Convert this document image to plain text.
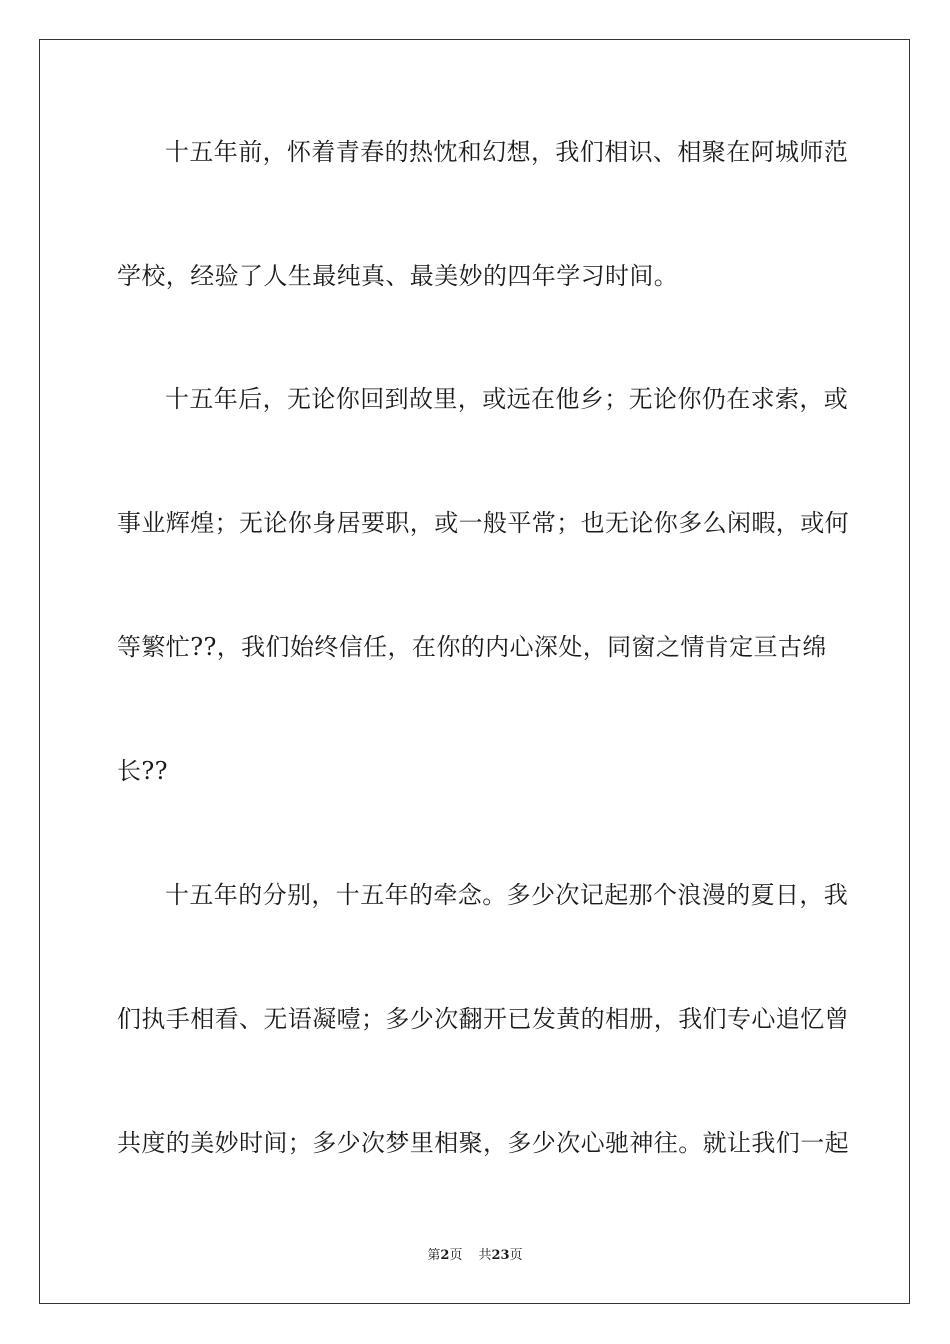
十五年前，怀着青春的热忱和幻想，我们相识、相聚在阿城师范
学校，经验了人生最纯真、最美妙的四年学习时间。
十五年后，无论你回到故里，或远在他乡；无论你仍在求索，或
事业辉煌；无论你身居要职，或一般平常；也无论你多么闲暇，或何
等繁忙??，我们始终信任，在你的内心深处，同窗之情肯定亘古绵
长??
十五年的分别，十五年的牵念。多少次记起那个浪漫的夏日，我
们执手相看、无语凝噎；多少次翻开已发黄的相册，我们专心追忆曾
共度的美妙时间；多少次梦里相聚，多少次心驰神往。就让我们一起
第2页 共23页
